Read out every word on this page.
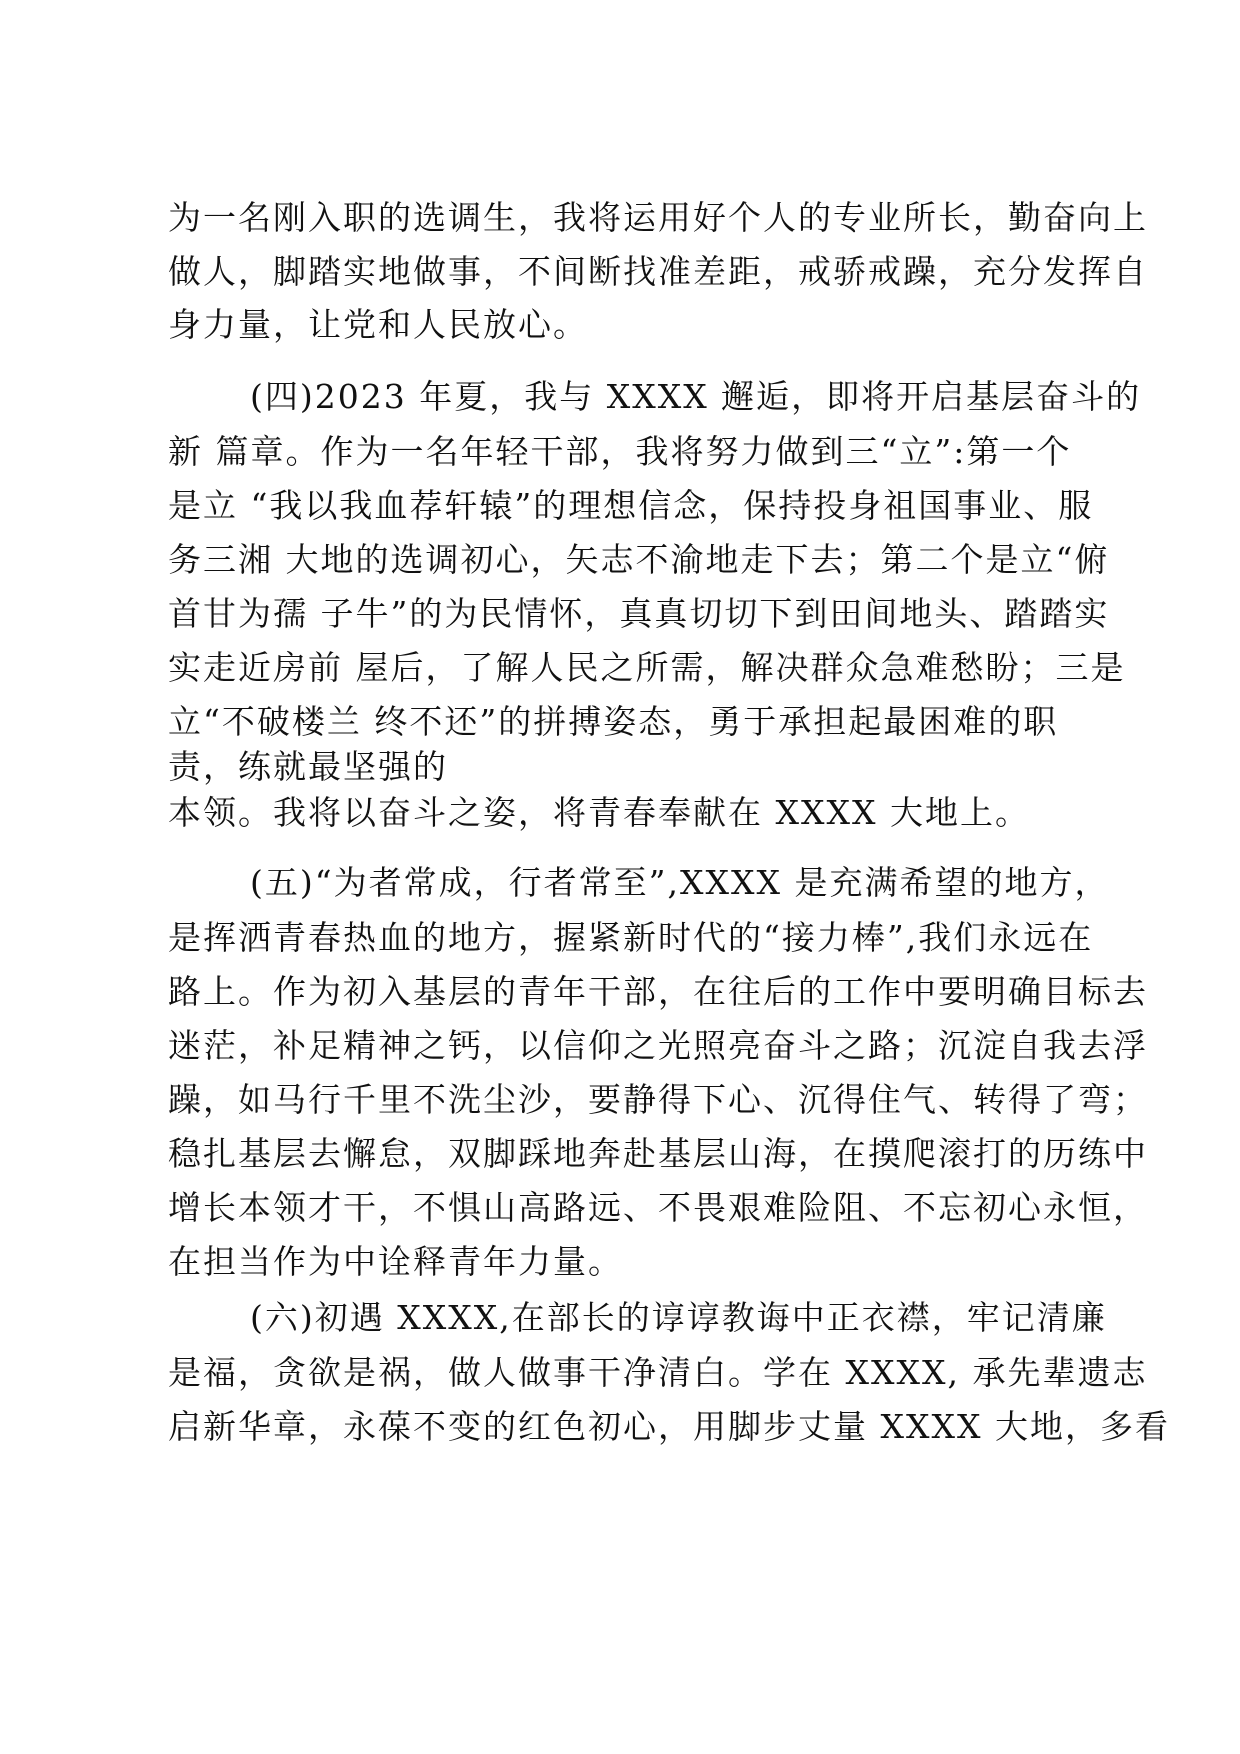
为一名刚入职的选调生，我将运用好个人的专业所长，勤奋向上
做人，脚踏实地做事，不间断找准差距，戒骄戒躁，充分发挥自
身力量，让党和人民放心。
(四)2023 年夏，我与 XXXX 邂逅，即将开启基层奋斗的
新 篇章。作为一名年轻干部，我将努力做到三“立”:第一个
是立 “我以我血荐轩辕”的理想信念，保持投身祖国事业、服
务三湘 大地的选调初心，矢志不渝地走下去；第二个是立“俯
首甘为孺 子牛”的为民情怀，真真切切下到田间地头、踏踏实
实走近房前 屋后，了解人民之所需，解决群众急难愁盼；三是
立“不破楼兰 终不还”的拼搏姿态，勇于承担起最困难的职
责，练就最坚强的
本领。我将以奋斗之姿，将青春奉献在 XXXX 大地上。
(五)“为者常成，行者常至”,XXXX 是充满希望的地方，
是挥洒青春热血的地方，握紧新时代的“接力棒”,我们永远在
路上。作为初入基层的青年干部，在往后的工作中要明确目标去
迷茫，补足精神之钙，以信仰之光照亮奋斗之路；沉淀自我去浮
躁，如马行千里不洗尘沙，要静得下心、沉得住气、转得了弯；
稳扎基层去懈怠，双脚踩地奔赴基层山海，在摸爬滚打的历练中
增长本领才干，不惧山高路远、不畏艰难险阻、不忘初心永恒，
在担当作为中诠释青年力量。
(六)初遇 XXXX,在部长的谆谆教诲中正衣襟，牢记清廉
是福，贪欲是祸，做人做事干净清白。学在 XXXX, 承先辈遗志
启新华章，永葆不变的红色初心，用脚步丈量 XXXX 大地，多看
